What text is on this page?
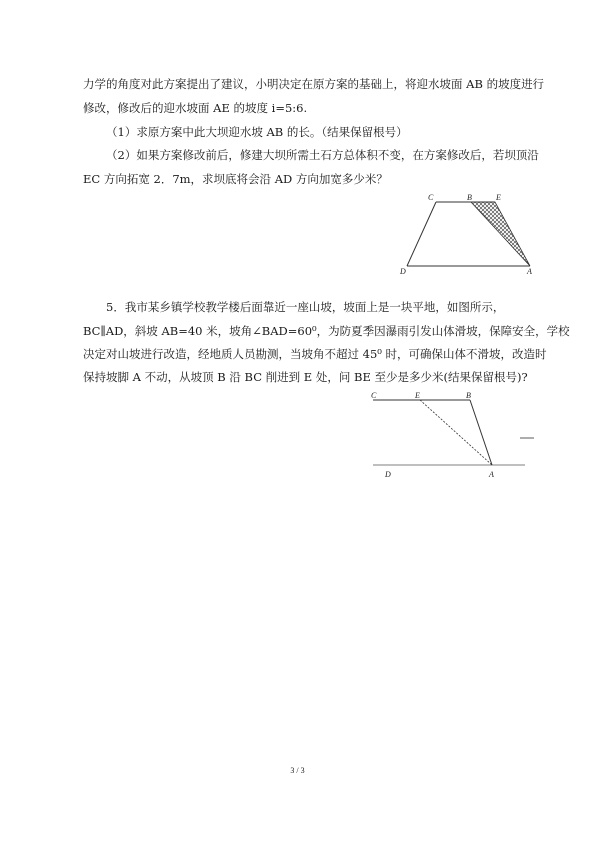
力学的角度对此方案提出了建议，小明决定在原方案的基础上，将迎水坡面 AB 的坡度进行
修改，修改后的迎水坡面 AE 的坡度 i=5:6.
（1）求原方案中此大坝迎水坡 AB 的长。（结果保留根号）
（2）如果方案修改前后，修建大坝所需土石方总体积不变，在方案修改后，若坝顶沿
EC 方向拓宽 2．7m，求坝底将会沿 AD 方向加宽多少米？
C	B	E
D	A
5．我市某乡镇学校教学楼后面靠近一座山坡，坡面上是一块平地，如图所示，
BC∥AD，斜坡 AB=40 米，坡角∠BAD=60⁰，为防夏季因瀑雨引发山体滑坡，保障安全，学校
决定对山坡进行改造，经地质人员勘测，当坡角不超过 45⁰ 时，可确保山体不滑坡，改造时
保持坡脚 A 不动，从坡顶 B 沿 BC 削进到 E 处，问 BE 至少是多少米(结果保留根号)?
C	E	B
D	A
3 / 3
